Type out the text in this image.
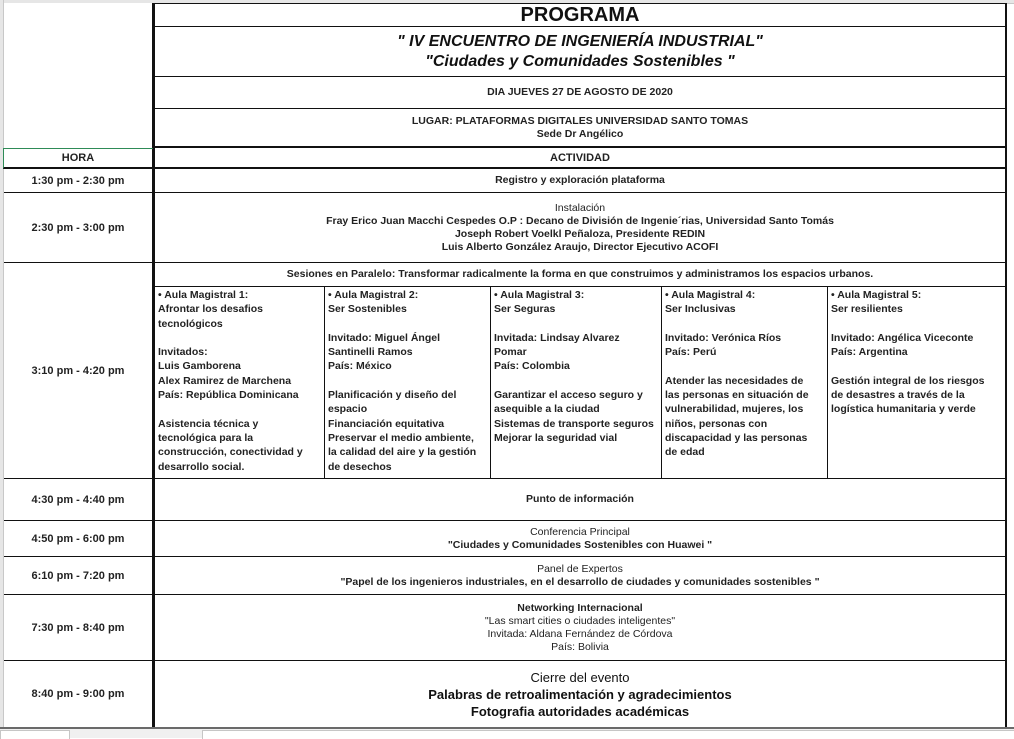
PROGRAMA
" IV ENCUENTRO DE INGENIERÍA INDUSTRIAL"
"Ciudades y Comunidades Sostenibles "
DIA JUEVES 27 DE AGOSTO DE 2020
LUGAR: PLATAFORMAS DIGITALES UNIVERSIDAD SANTO TOMAS
Sede Dr Angélico
HORA	ACTIVIDAD
1:30 pm - 2:30 pm	Registro y exploración plataforma
2:30 pm - 3:00 pm
Instalación
Fray Erico Juan Macchi Cespedes O.P : Decano de División de Ingenie´rias, Universidad Santo Tomás
Joseph Robert Voelkl Peñaloza, Presidente REDIN
Luis Alberto González Araujo, Director Ejecutivo ACOFI
3:10 pm - 4:20 pm
Sesiones en Paralelo: Transformar radicalmente la forma en que construimos y administramos los espacios urbanos.
• Aula Magistral 1:
Afrontar los desafios
tecnológicos
Invitados:
Luis Gamborena
Alex Ramirez de Marchena
País: República Dominicana
Asistencia técnica y
tecnológica para la
construcción, conectividad y
desarrollo social.
• Aula Magistral 2:
Ser Sostenibles
Invitado: Miguel Ángel
Santinelli Ramos
País: México
Planificación y diseño del
espacio
Financiación equitativa
Preservar el medio ambiente,
la calidad del aire y la gestión
de desechos
• Aula Magistral 3:
Ser Seguras
Invitada: Lindsay Alvarez
Pomar
País: Colombia
Garantizar el acceso seguro y
asequible a la ciudad
Sistemas de transporte seguros
Mejorar la seguridad vial
• Aula Magistral 4:
Ser Inclusivas
Invitado: Verónica Ríos
País: Perú
Atender las necesidades de
las personas en situación de
vulnerabilidad, mujeres, los
niños, personas con
discapacidad y las personas
de edad
• Aula Magistral 5:
Ser resilientes
Invitado: Angélica Viceconte
País: Argentina
Gestión integral de los riesgos
de desastres a través de la
logística humanitaria y verde
4:30 pm - 4:40 pm	Punto de información
4:50 pm - 6:00 pm
Conferencia Principal
"Ciudades y Comunidades Sostenibles con Huawei "
6:10 pm - 7:20 pm
Panel de Expertos
"Papel de los ingenieros industriales, en el desarrollo de ciudades y comunidades sostenibles "
7:30 pm - 8:40 pm
Networking Internacional
"Las smart cities o ciudades inteligentes"
Invitada: Aldana Fernández de Córdova
País: Bolivia
8:40 pm - 9:00 pm
Cierre del evento
Palabras de retroalimentación y agradecimientos
Fotografia autoridades académicas
